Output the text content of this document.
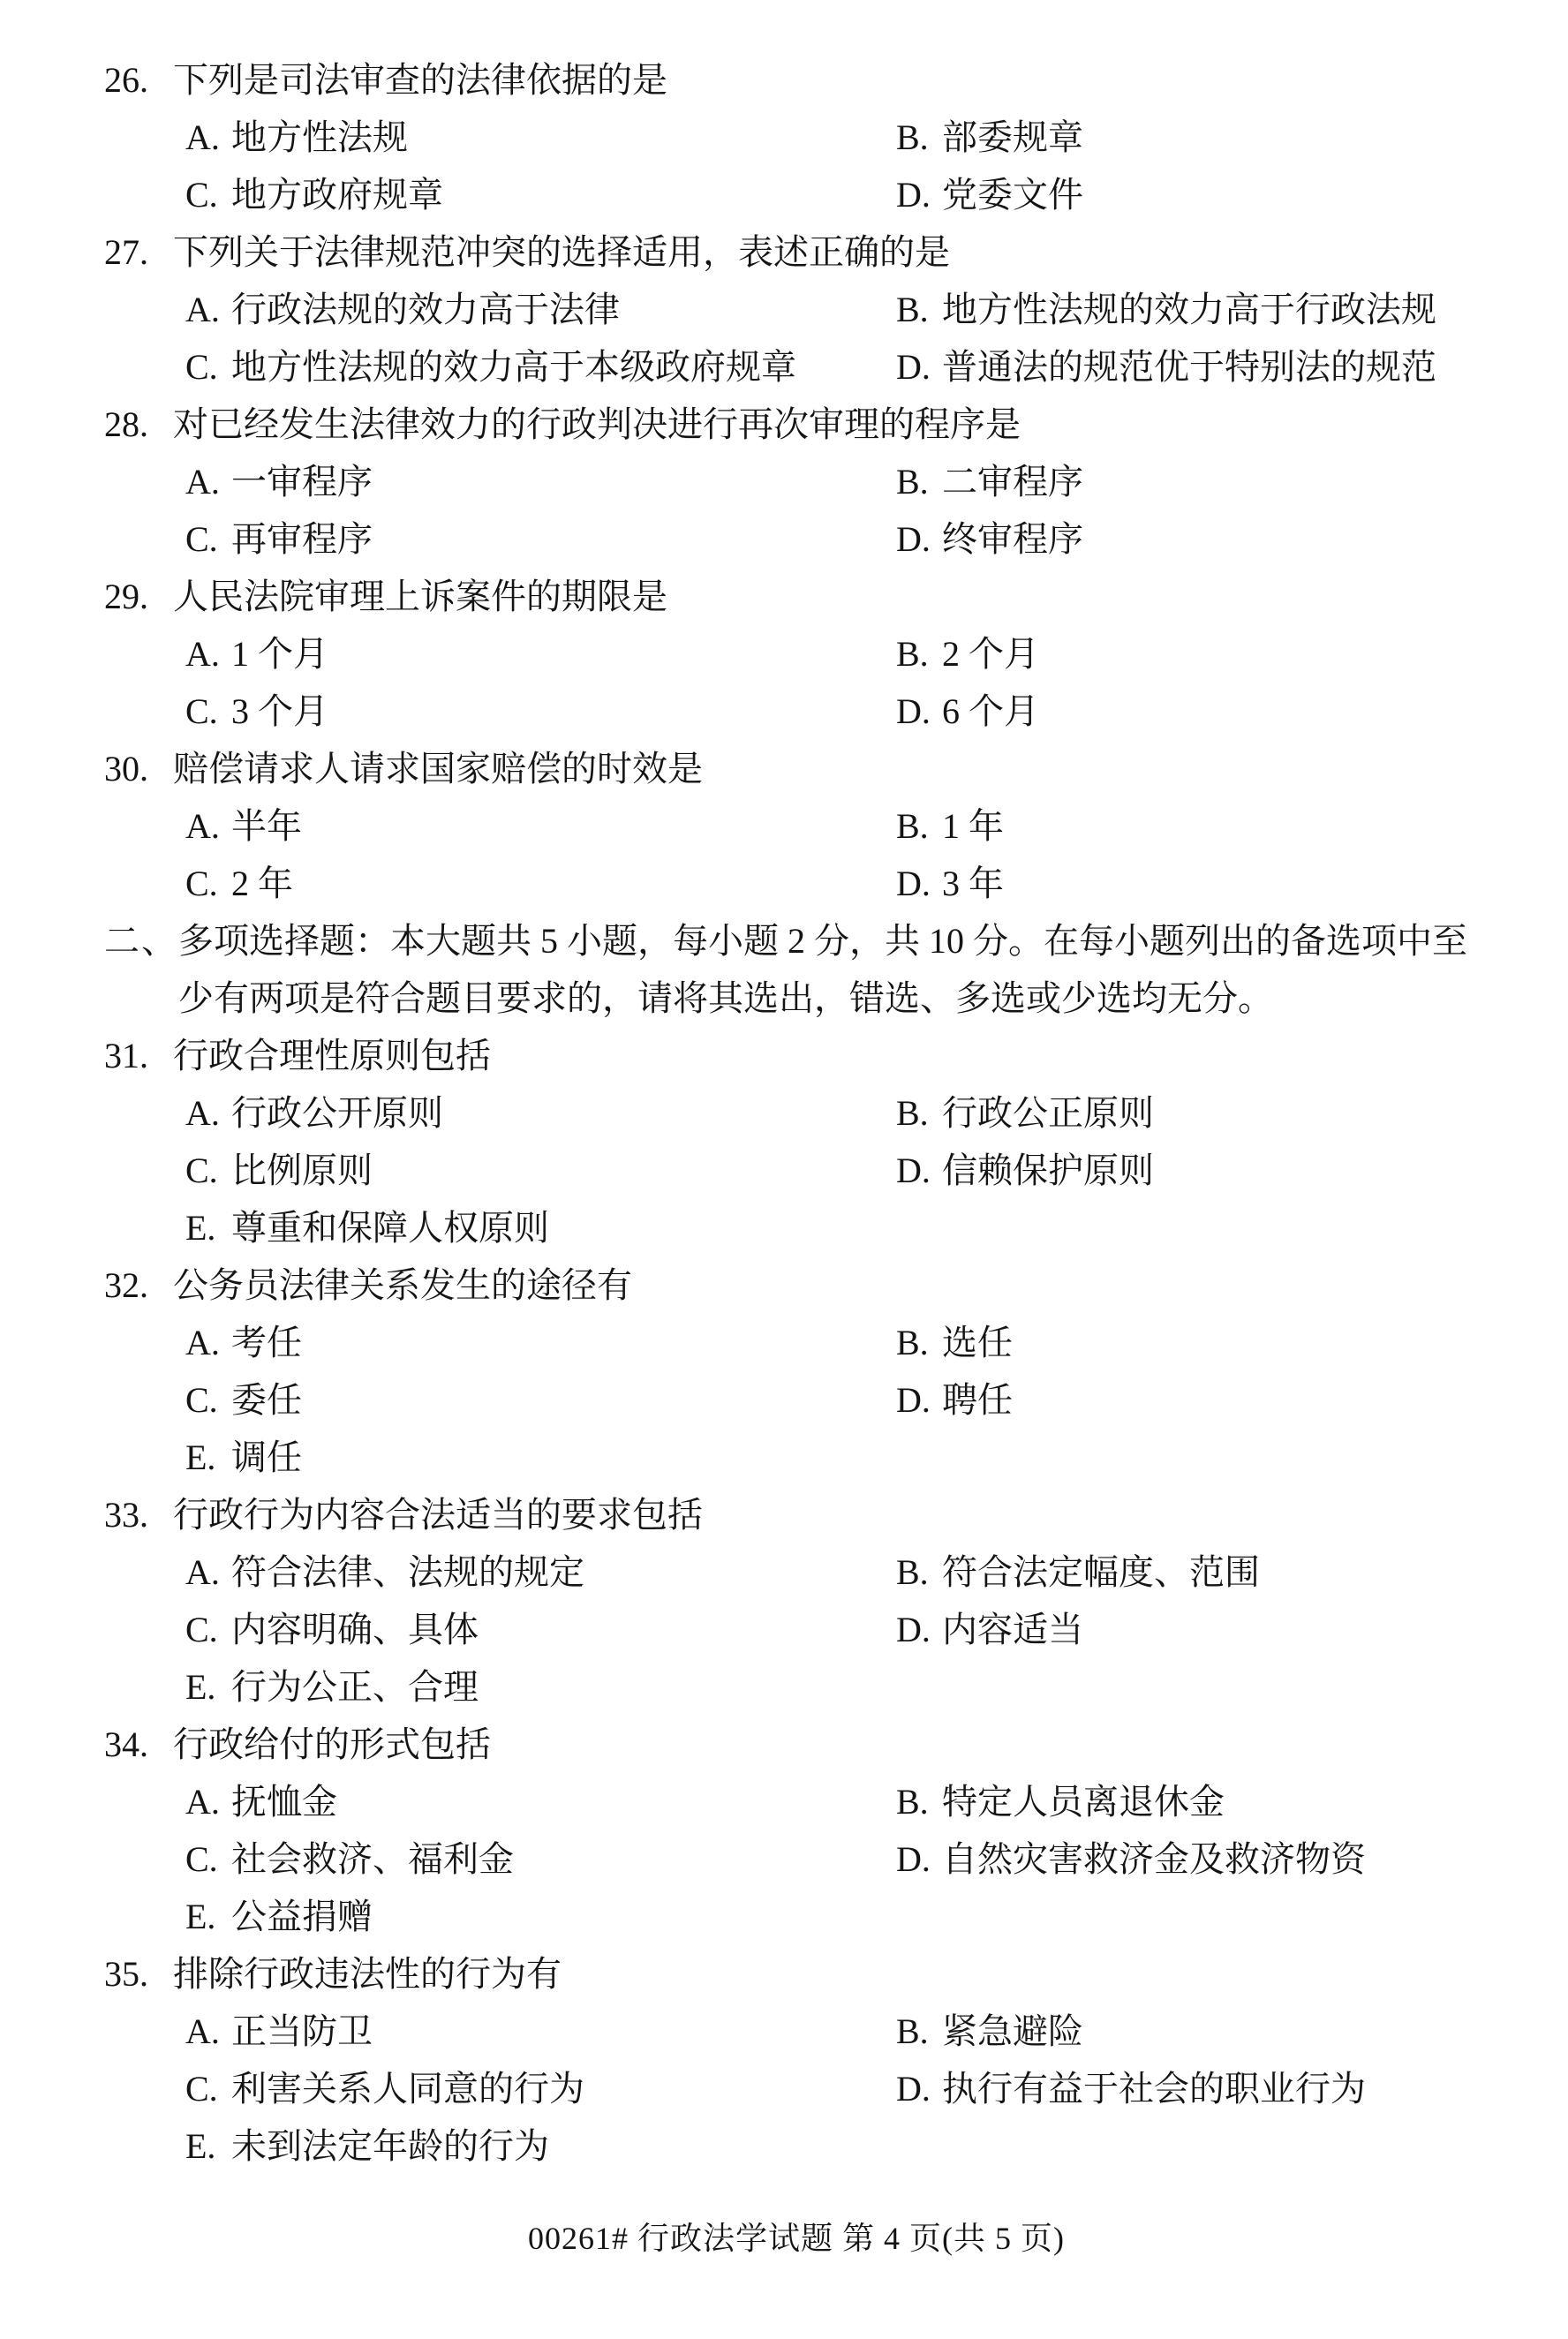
26. 下列是司法审查的法律依据的是
A. 地方性法规	B. 部委规章
C. 地方政府规章	D. 党委文件
27. 下列关于法律规范冲突的选择适用，表述正确的是
A. 行政法规的效力高于法律	B. 地方性法规的效力高于行政法规
C. 地方性法规的效力高于本级政府规章	D. 普通法的规范优于特别法的规范
28. 对已经发生法律效力的行政判决进行再次审理的程序是
A. 一审程序	B. 二审程序
C. 再审程序	D. 终审程序
29. 人民法院审理上诉案件的期限是
A. 1 个月	B. 2 个月
C. 3 个月	D. 6 个月
30. 赔偿请求人请求国家赔偿的时效是
A. 半年	B. 1 年
C. 2 年	D. 3 年
二、多项选择题：本大题共 5 小题，每小题 2 分，共 10 分。在每小题列出的备选项中至少有两项是符合题目要求的，请将其选出，错选、多选或少选均无分。
31. 行政合理性原则包括
A. 行政公开原则	B. 行政公正原则
C. 比例原则	D. 信赖保护原则
E. 尊重和保障人权原则
32. 公务员法律关系发生的途径有
A. 考任	B. 选任
C. 委任	D. 聘任
E. 调任
33. 行政行为内容合法适当的要求包括
A. 符合法律、法规的规定	B. 符合法定幅度、范围
C. 内容明确、具体	D. 内容适当
E. 行为公正、合理
34. 行政给付的形式包括
A. 抚恤金	B. 特定人员离退休金
C. 社会救济、福利金	D. 自然灾害救济金及救济物资
E. 公益捐赠
35. 排除行政违法性的行为有
A. 正当防卫	B. 紧急避险
C. 利害关系人同意的行为	D. 执行有益于社会的职业行为
E. 未到法定年龄的行为
00261# 行政法学试题 第 4 页(共 5 页)
